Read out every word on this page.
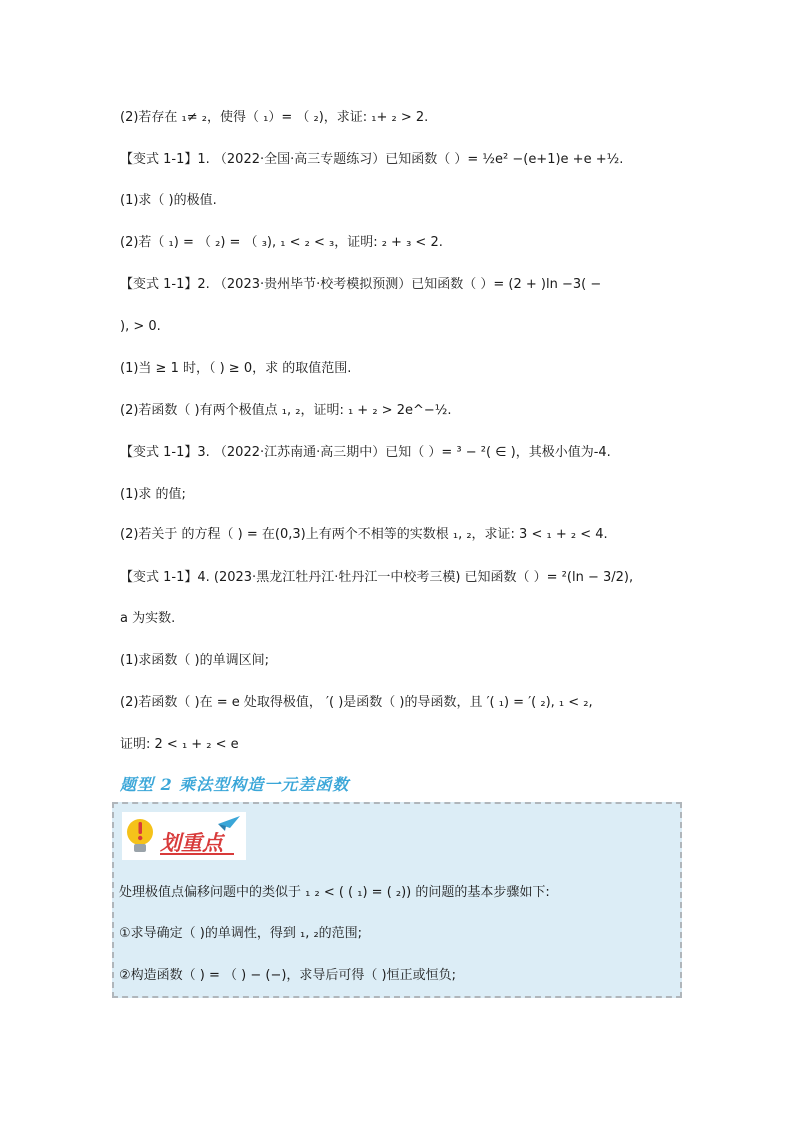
(2)若存在 ₁≠ ₂，使得（ ₁）= （ ₂)，求证: ₁+ ₂ > 2.
【变式 1-1】1. （2022·全国·高三专题练习）已知函数（ ）= ½e² −(e+1)e +e +½.
(1)求（ )的极值.
(2)若（ ₁) = （ ₂) = （ ₃), ₁ < ₂ < ₃，证明: ₂ + ₃ < 2.
【变式 1-1】2. （2023·贵州毕节·校考模拟预测）已知函数（ ）= (2 + )ln −3( −
), > 0.
(1)当 ≥ 1 时，（ ) ≥ 0，求 的取值范围.
(2)若函数（ )有两个极值点 ₁, ₂，证明: ₁ + ₂ > 2e^−½.
【变式 1-1】3. （2022·江苏南通·高三期中）已知（ ）= ³ − ²( ∈ )，其极小值为-4.
(1)求 的值;
(2)若关于 的方程（ ) = 在(0,3)上有两个不相等的实数根 ₁, ₂，求证: 3 < ₁ + ₂ < 4.
【变式 1-1】4. (2023·黑龙江牡丹江·牡丹江一中校考三模) 已知函数（ ）= ²(ln − 3/2),
a 为实数.
(1)求函数（ )的单调区间;
(2)若函数（ )在 = e 处取得极值， ′( )是函数（ )的导函数，且 ′( ₁) = ′( ₂), ₁ < ₂,
证明: 2 < ₁ + ₂ < e
题型 2 乘法型构造一元差函数
划重点
处理极值点偏移问题中的类似于 ₁ ₂ < ( ( ₁) = ( ₂)) 的问题的基本步骤如下:
①求导确定（ )的单调性，得到 ₁, ₂的范围;
②构造函数（ ) = （ ) − (−)，求导后可得（ )恒正或恒负;
